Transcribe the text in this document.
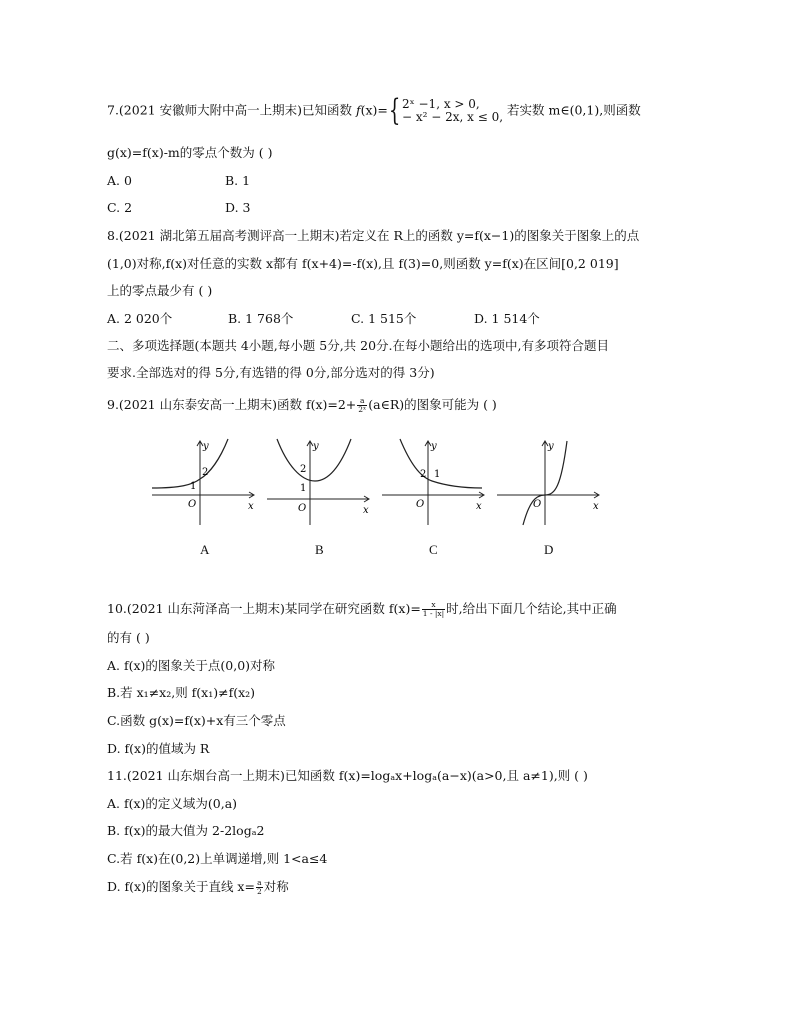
7.(2021 安徽师大附中高一上期末)已知函数 f(x)={ 2ˣ −1, x > 0,
− x² − 2x, x ≤ 0, 若实数 m∈(0,1),则函数
g(x)=f(x)-m的零点个数为 ( )
A. 0	B. 1
C. 2	D. 3
8.(2021 湖北第五届高考测评高一上期末)若定义在 R上的函数 y=f(x−1)的图象关于图象上的点
(1,0)对称,f(x)对任意的实数 x都有 f(x+4)=-f(x),且 f(3)=0,则函数 y=f(x)在区间[0,2 019]
上的零点最少有 ( )
A. 2 020个	B. 1 768个	C. 1 515个	D. 1 514个
二、多项选择题(本题共 4小题,每小题 5分,共 20分.在每小题给出的选项中,有多项符合题目
要求.全部选对的得 5分,有选错的得 0分,部分选对的得 3分)
9.(2021 山东泰安高一上期末)函数 $f(x)=2+ \frac{a}{\text{2ˣ}}$ (a∈R)的图象可能为 ( )
y
x
O
1
2
y
x
O
1
2
y
x
O
2 1
y
x
O
A	B	C	D
10.(2021 山东菏泽高一上期末)某同学在研究函数 $f(x)= \frac{x}{1 - |x|}$ 时,给出下面几个结论,其中正确
的有 ( )
A. f(x)的图象关于点(0,0)对称
B.若 x₁≠x₂,则 f(x₁)≠f(x₂)
C.函数 g(x)=f(x)+x有三个零点
D. f(x)的值域为 R
11.(2021 山东烟台高一上期末)已知函数 f(x)=logₐx+logₐ(a−x)(a>0,且 a≠1),则 ( )
A. f(x)的定义域为(0,a)
B. f(x)的最大值为 2-2logₐ2
C.若 f(x)在(0,2)上单调递增,则 1<a≤4
D. f(x)的图象关于直线 $x= \frac{a}{2}$ 对称
